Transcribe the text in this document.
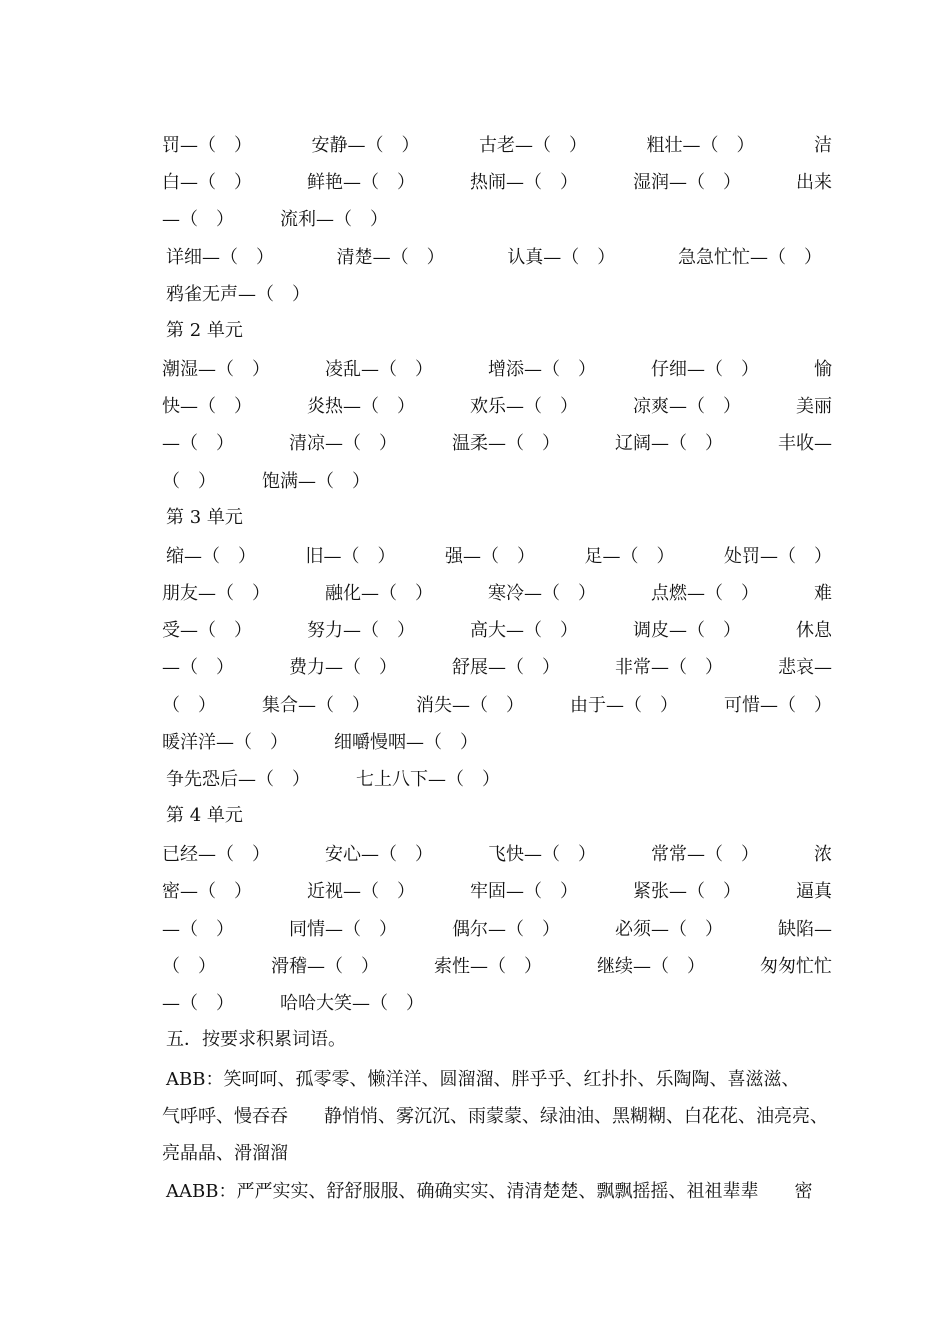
罚—（　）	安静—（　）	古老—（　）	粗壮—（　）	洁
白—（　）	鲜艳—（　）	热闹—（　）	湿润—（　）	出来
—（　）	流利—（　）
详细—（　）	清楚—（　）	认真—（　）	急急忙忙—（　）
鸦雀无声—（　）
第 2 单元
潮湿—（　）	凌乱—（　）	增添—（　）	仔细—（　）	愉
快—（　）	炎热—（　）	欢乐—（　）	凉爽—（　）	美丽
—（　）	清凉—（　）	温柔—（　）	辽阔—（　）	丰收—
（　）	饱满—（　）
第 3 单元
缩—（　）	旧—（　）	强—（　）	足—（　）	处罚—（　）
朋友—（　）	融化—（　）	寒冷—（　）	点燃—（　）	难
受—（　）	努力—（　）	高大—（　）	调皮—（　）	休息
—（　）	费力—（　）	舒展—（　）	非常—（　）	悲哀—
（　）	集合—（　）	消失—（　）	由于—（　）	可惜—（　）
暖洋洋—（　）	细嚼慢咽—（　）
争先恐后—（　）	七上八下—（　）
第 4 单元
已经—（　）	安心—（　）	飞快—（　）	常常—（　）	浓
密—（　）	近视—（　）	牢固—（　）	紧张—（　）	逼真
—（　）	同情—（　）	偶尔—（　）	必须—（　）	缺陷—
（　）	滑稽—（　）	索性—（　）	继续—（　）	匆匆忙忙
—（　）	哈哈大笑—（　）
五．按要求积累词语。
ABB：笑呵呵、孤零零、懒洋洋、圆溜溜、胖乎乎、红扑扑、乐陶陶、喜滋滋、
气呼呼、慢吞吞　　静悄悄、雾沉沉、雨蒙蒙、绿油油、黑糊糊、白花花、油亮亮、
亮晶晶、滑溜溜
AABB：严严实实、舒舒服服、确确实实、清清楚楚、飘飘摇摇、祖祖辈辈　　密
